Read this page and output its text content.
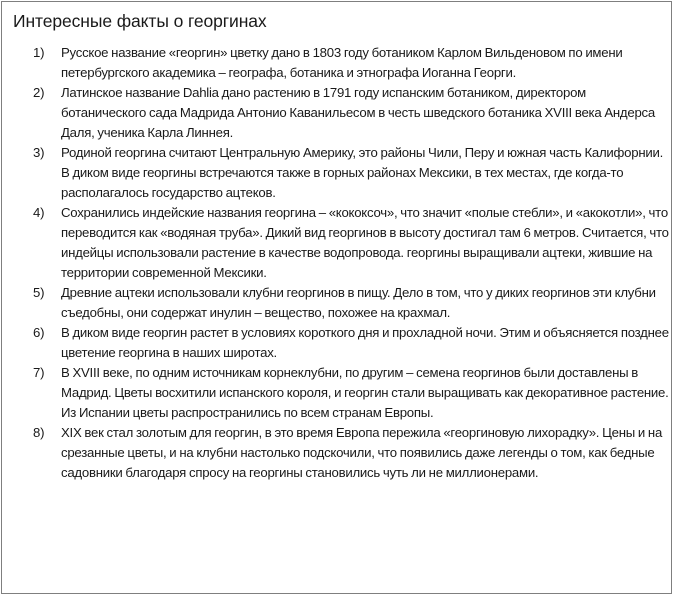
Интересные факты о георгинах
1)	Русское название «георгин» цветку дано в 1803 году ботаником Карлом Вильденовом по имени петербургского академика – географа, ботаника и этнографа Иоганна Георги.
2)	Латинское название Dahlia дано растению в 1791 году испанским ботаником, директором ботанического сада Мадрида Антонио Каванильесом в честь шведского ботаника XVIII века Андерса Даля, ученика Карла Линнея.
3)	Родиной георгина считают Центральную Америку, это районы Чили, Перу и южная часть Калифорнии. В диком виде георгины встречаются также в горных районах Мексики, в тех местах, где когда-то располагалось государство ацтеков.
4)	Сохранились индейские названия георгина – «кококсоч», что значит «полые стебли», и «акокотли», что переводится как «водяная труба». Дикий вид георгинов в высоту достигал там 6 метров. Считается, что индейцы использовали растение в качестве водопровода. георгины выращивали ацтеки, жившие на территории современной Мексики.
5)	Древние ацтеки использовали клубни георгинов в пищу. Дело в том, что у диких георгинов эти клубни съедобны, они содержат инулин – вещество, похожее на крахмал.
6)	В диком виде георгин растет в условиях короткого дня и прохладной ночи. Этим и объясняется позднее цветение георгина в наших широтах.
7)	В XVIII веке, по одним источникам корнеклубни, по другим – семена георгинов были доставлены в Мадрид. Цветы восхитили испанского короля, и георгин стали выращивать как декоративное растение. Из Испании цветы распространились по всем странам Европы.
8)	XIX век стал золотым для георгин, в это время Европа пережила «георгиновую лихорадку». Цены и на срезанные цветы, и на клубни настолько подскочили, что появились даже легенды о том, как бедные садовники благодаря спросу на георгины становились чуть ли не миллионерами.
